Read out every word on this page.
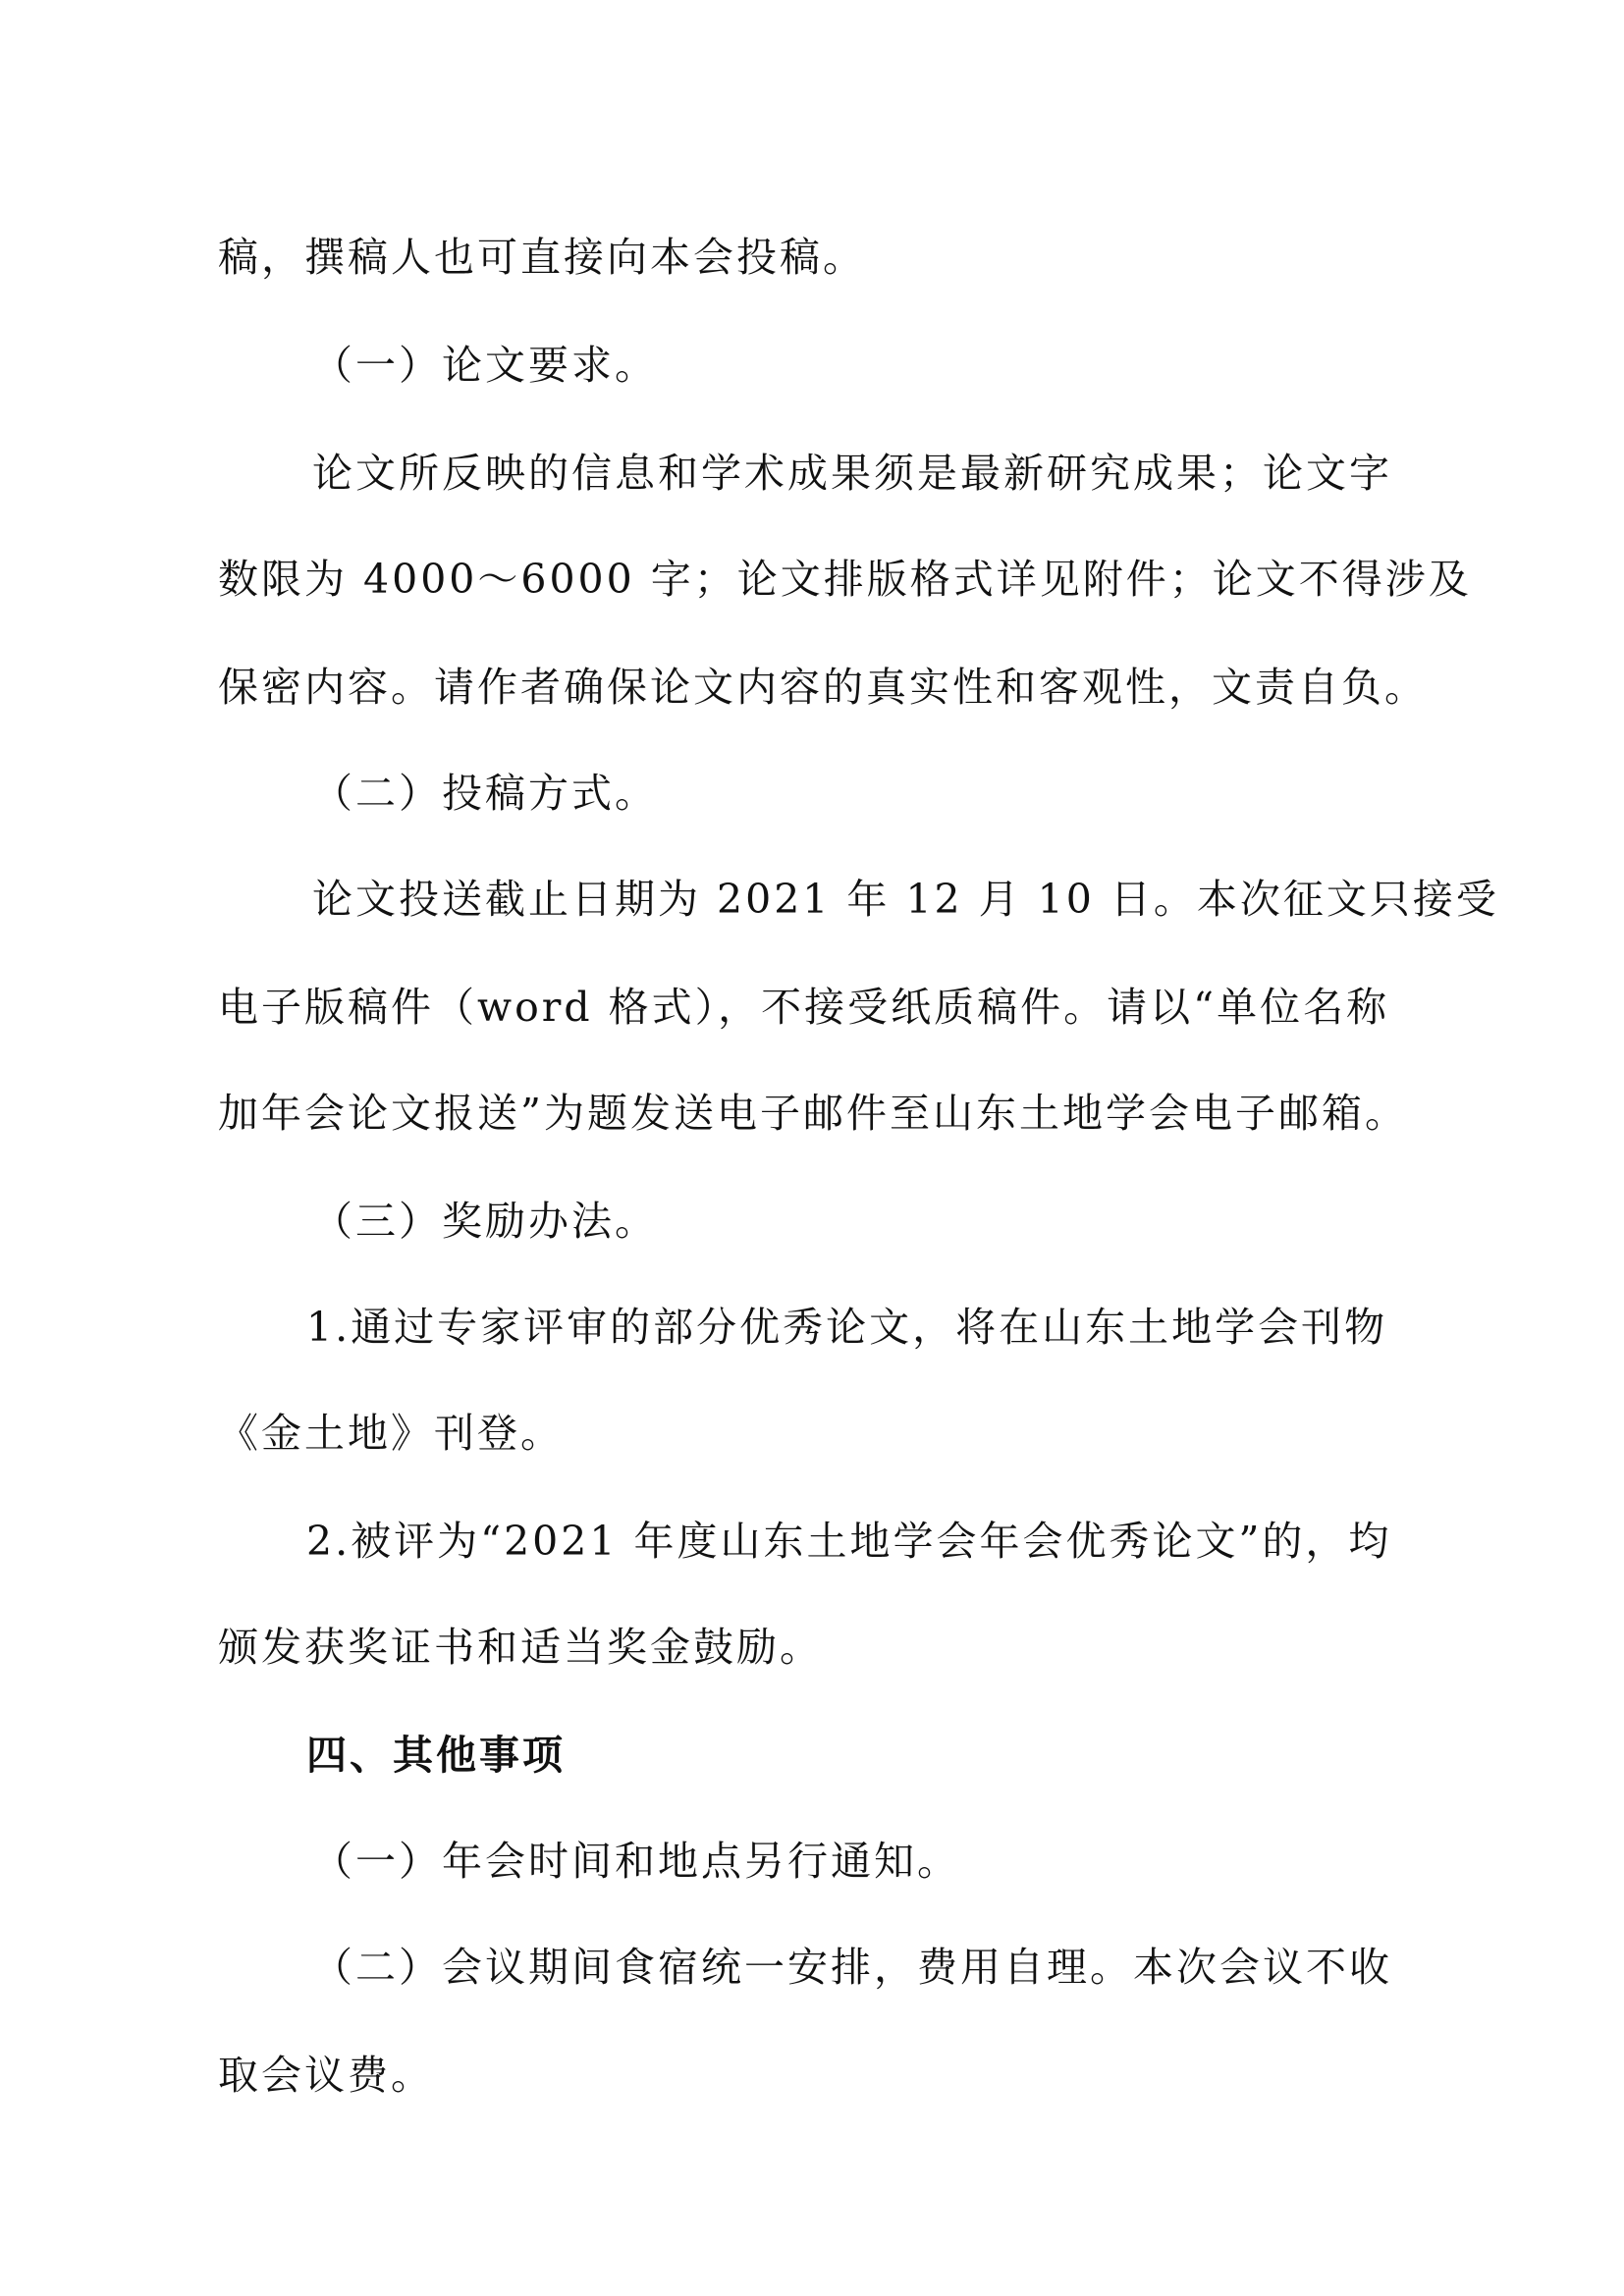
稿，撰稿人也可直接向本会投稿。
（一）论文要求。
论文所反映的信息和学术成果须是最新研究成果；论文字
数限为 4000～6000 字；论文排版格式详见附件；论文不得涉及
保密内容。请作者确保论文内容的真实性和客观性，文责自负。
（二）投稿方式。
论文投送截止日期为 2021 年 12 月 10 日。本次征文只接受
电子版稿件（word 格式），不接受纸质稿件。请以“单位名称
加年会论文报送”为题发送电子邮件至山东土地学会电子邮箱。
（三）奖励办法。
1.通过专家评审的部分优秀论文，将在山东土地学会刊物
《金土地》刊登。
2.被评为“2021 年度山东土地学会年会优秀论文”的，均
颁发获奖证书和适当奖金鼓励。
四、其他事项
（一）年会时间和地点另行通知。
（二）会议期间食宿统一安排，费用自理。本次会议不收
取会议费。
